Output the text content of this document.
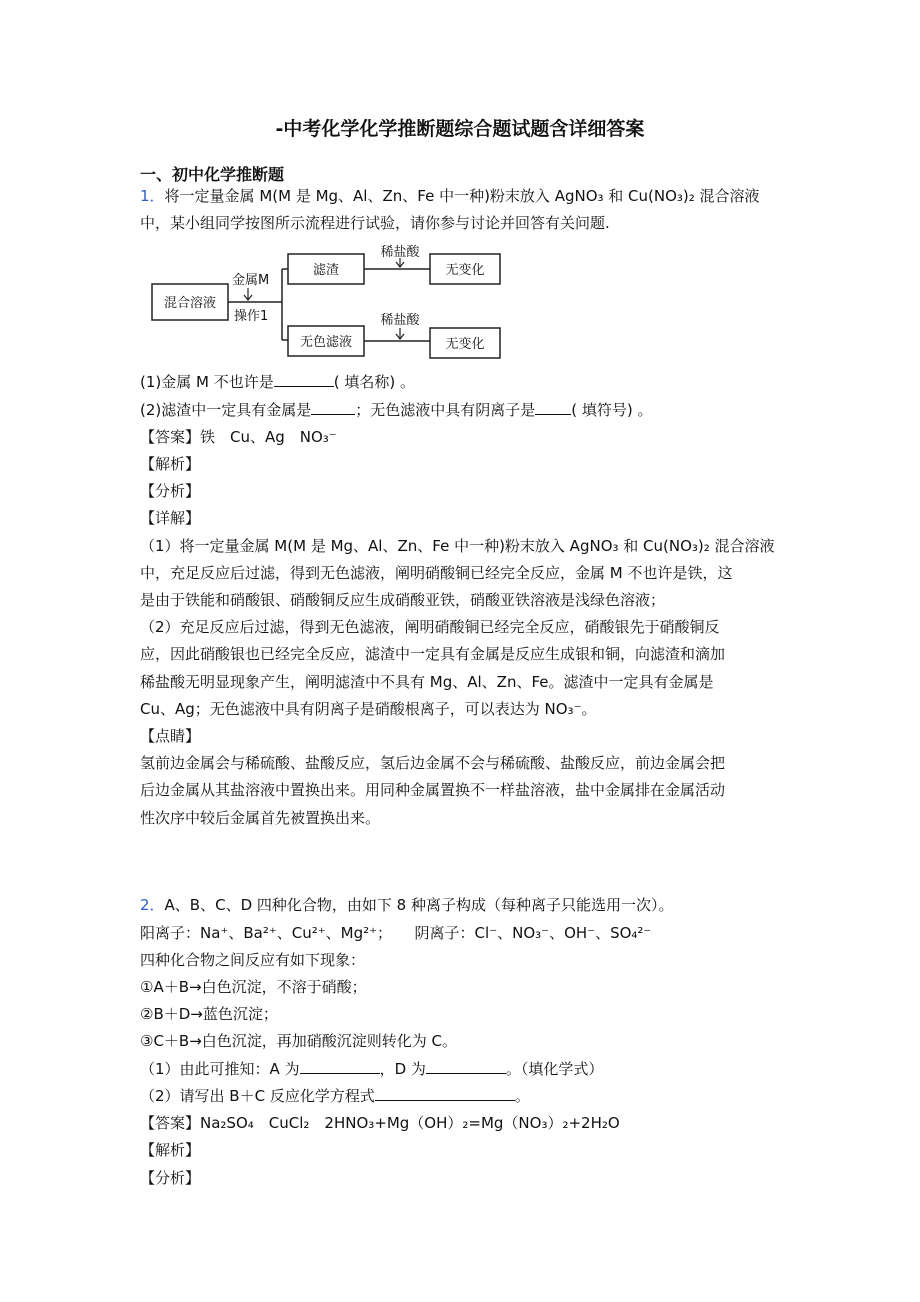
-中考化学化学推断题综合题试题含详细答案
一、初中化学推断题
1．将一定量金属 M(M 是 Mg、Al、Zn、Fe 中一种)粉末放入 AgNO₃ 和 Cu(NO₃)₂ 混合溶液
中，某小组同学按图所示流程进行试验，请你参与讨论并回答有关问题.
混合溶液
金属M
操作1
滤渣
稀盐酸
无变化
无色滤液
稀盐酸
无变化
(1)金属 M 不也许是	( 填名称) 。
(2)滤渣中一定具有金属是	；无色滤液中具有阴离子是 ( 填符号) 。
【答案】铁　Cu、Ag　NO₃⁻
【解析】
【分析】
【详解】
（1）将一定量金属 M(M 是 Mg、Al、Zn、Fe 中一种)粉末放入 AgNO₃ 和 Cu(NO₃)₂ 混合溶液
中，充足反应后过滤，得到无色滤液，阐明硝酸铜已经完全反应，金属 M 不也许是铁，这
是由于铁能和硝酸银、硝酸铜反应生成硝酸亚铁，硝酸亚铁溶液是浅绿色溶液；
（2）充足反应后过滤，得到无色滤液，阐明硝酸铜已经完全反应，硝酸银先于硝酸铜反
应，因此硝酸银也已经完全反应，滤渣中一定具有金属是反应生成银和铜，向滤渣和滴加
稀盐酸无明显现象产生，阐明滤渣中不具有 Mg、Al、Zn、Fe。滤渣中一定具有金属是
Cu、Ag；无色滤液中具有阴离子是硝酸根离子，可以表达为 NO₃⁻。
【点睛】
氢前边金属会与稀硫酸、盐酸反应，氢后边金属不会与稀硫酸、盐酸反应，前边金属会把
后边金属从其盐溶液中置换出来。用同种金属置换不一样盐溶液，盐中金属排在金属活动
性次序中较后金属首先被置换出来。
2．A、B、C、D 四种化合物，由如下 8 种离子构成（每种离子只能选用一次）。
阳离子：Na⁺、Ba²⁺、Cu²⁺、Mg²⁺；　　阴离子：Cl⁻、NO₃⁻、OH⁻、SO₄²⁻
四种化合物之间反应有如下现象：
①A＋B→白色沉淀，不溶于硝酸；
②B＋D→蓝色沉淀；
③C＋B→白色沉淀，再加硝酸沉淀则转化为 C。
（1）由此可推知：A 为	，D 为	。（填化学式）
（2）请写出 B＋C 反应化学方程式	。
【答案】Na₂SO₄　CuCl₂　2HNO₃+Mg（OH）₂=Mg（NO₃）₂+2H₂O
【解析】
【分析】
